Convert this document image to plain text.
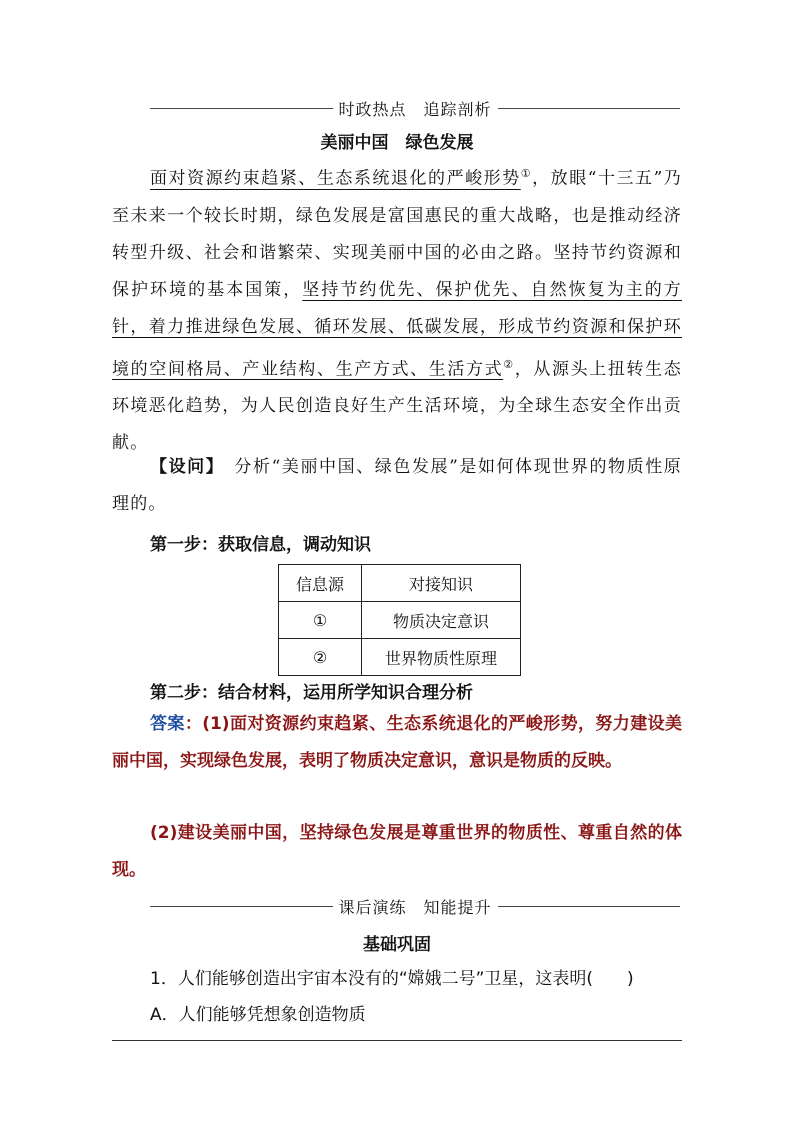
时政热点　追踪剖析
美丽中国　绿色发展
面对资源约束趋紧、生态系统退化的严峻形势①，放眼“十三五”乃至未来一个较长时期，绿色发展是富国惠民的重大战略，也是推动经济转型升级、社会和谐繁荣、实现美丽中国的必由之路。坚持节约资源和保护环境的基本国策，坚持节约优先、保护优先、自然恢复为主的方针，着力推进绿色发展、循环发展、低碳发展，形成节约资源和保护环境的空间格局、产业结构、生产方式、生活方式②，从源头上扭转生态环境恶化趋势，为人民创造良好生产生活环境，为全球生态安全作出贡献。
【设问】　分析“美丽中国、绿色发展”是如何体现世界的物质性原理的。
第一步：获取信息，调动知识
信息源	对接知识
①	物质决定意识
②	世界物质性原理
第二步：结合材料，运用所学知识合理分析
答案：(1)面对资源约束趋紧、生态系统退化的严峻形势，努力建设美丽中国，实现绿色发展，表明了物质决定意识，意识是物质的反映。
(2)建设美丽中国，坚持绿色发展是尊重世界的物质性、尊重自然的体现。
课后演练　知能提升
基础巩固
1．人们能够创造出宇宙本没有的“嫦娥二号”卫星，这表明(　　)
A．人们能够凭想象创造物质
